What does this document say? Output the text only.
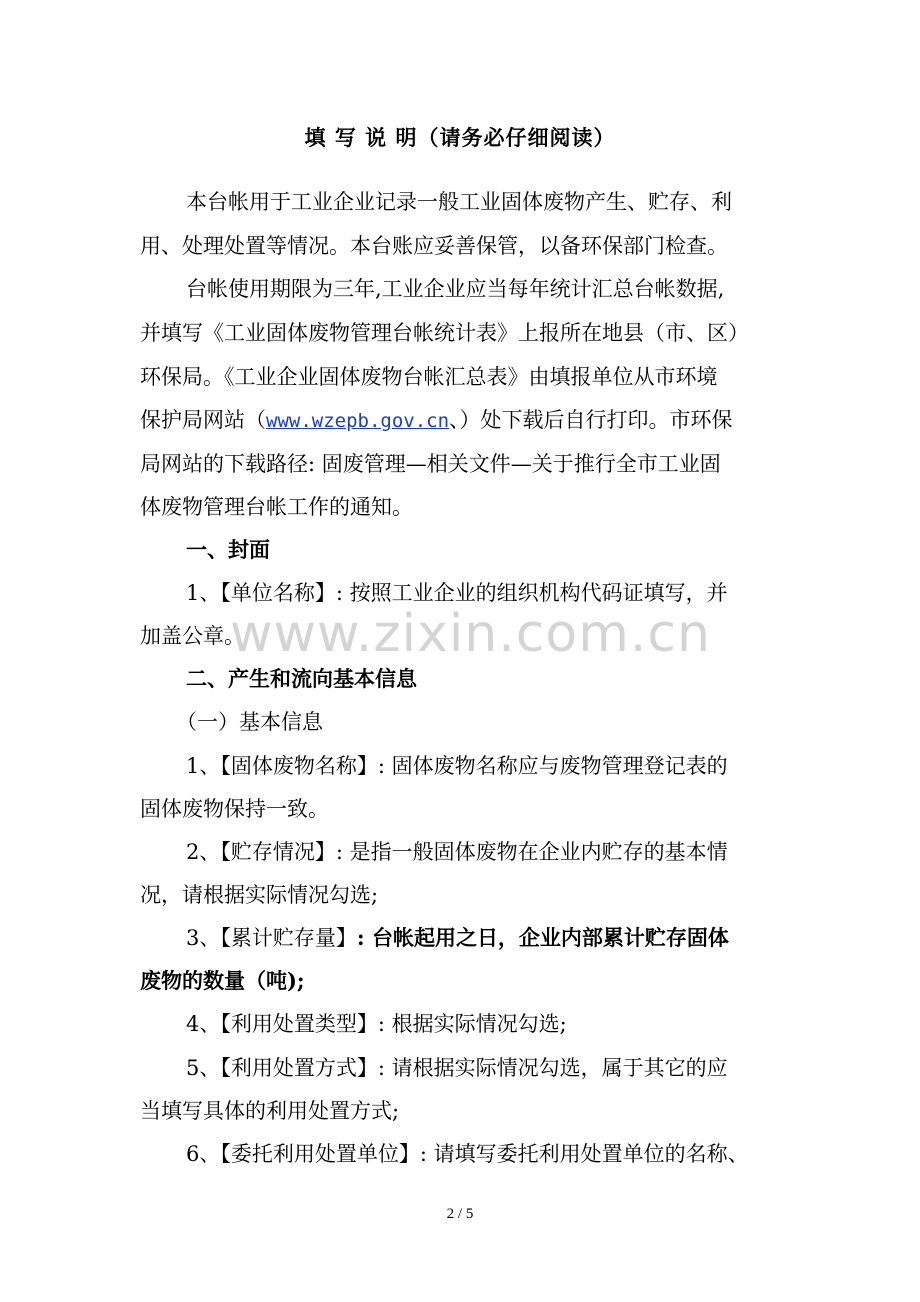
填 写 说 明（请务必仔细阅读）
本台帐用于工业企业记录一般工业固体废物产生、贮存、利
用、处理处置等情况。本台账应妥善保管，以备环保部门检查。
台帐使用期限为三年,工业企业应当每年统计汇总台帐数据,
并填写《工业固体废物管理台帐统计表》上报所在地县（市、区）
环保局。《工业企业固体废物台帐汇总表》由填报单位从市环境
保护局网站（www.wzepb.gov.cn、）处下载后自行打印。市环保
局网站的下载路径: 固废管理—相关文件—关于推行全市工业固
体废物管理台帐工作的通知。
一、封面
1、【单位名称】: 按照工业企业的组织机构代码证填写，并
加盖公章。
二、产生和流向基本信息
（一）基本信息
1、【固体废物名称】: 固体废物名称应与废物管理登记表的
固体废物保持一致。
2、【贮存情况】: 是指一般固体废物在企业内贮存的基本情
况，请根据实际情况勾选;
3、【累计贮存量】: 台帐起用之日，企业内部累计贮存固体
废物的数量（吨);
4、【利用处置类型】: 根据实际情况勾选;
5、【利用处置方式】: 请根据实际情况勾选，属于其它的应
当填写具体的利用处置方式;
6、【委托利用处置单位】: 请填写委托利用处置单位的名称、
www.zixin.com.cn
2 / 5
